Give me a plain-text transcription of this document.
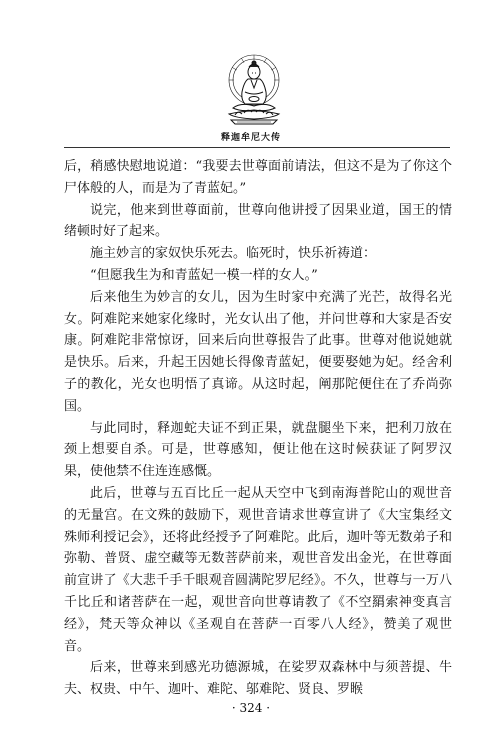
释迦牟尼大传

后，稍感快慰地说道：“我要去世尊面前请法，但这不是为了你这个尸体般的人，而是为了青蓝妃。”

说完，他来到世尊面前，世尊向他讲授了因果业道，国王的情绪顿时好了起来。

施主妙言的家奴快乐死去。临死时，快乐祈祷道：

“但愿我生为和青蓝妃一模一样的女人。”

后来他生为妙言的女儿，因为生时家中充满了光芒，故得名光女。阿难陀来她家化缘时，光女认出了他，并问世尊和大家是否安康。阿难陀非常惊讶，回来后向世尊报告了此事。世尊对他说她就是快乐。后来，升起王因她长得像青蓝妃，便要娶她为妃。经舍利子的教化，光女也明悟了真谛。从这时起，阐那陀便住在了乔尚弥国。

与此同时，释迦蛇夫证不到正果，就盘腿坐下来，把利刀放在颈上想要自杀。可是，世尊感知，便让他在这时候获证了阿罗汉果，使他禁不住连连感慨。

此后，世尊与五百比丘一起从天空中飞到南海普陀山的观世音的无量宫。在文殊的鼓励下，观世音请求世尊宣讲了《大宝集经文殊师利授记会》，还将此经授予了阿难陀。此后，迦叶等无数弟子和弥勒、普贤、虚空藏等无数菩萨前来，观世音发出金光，在世尊面前宣讲了《大悲千手千眼观音圆满陀罗尼经》。不久，世尊与一万八千比丘和诸菩萨在一起，观世音向世尊请教了《不空羂索神变真言经》，梵天等众神以《圣观自在菩萨一百零八人经》，赞美了观世音。

后来，世尊来到感光功德源城，在娑罗双森林中与须菩提、牛夫、权贵、中午、迦叶、难陀、邬难陀、贤良、罗睺

· 324 ·
